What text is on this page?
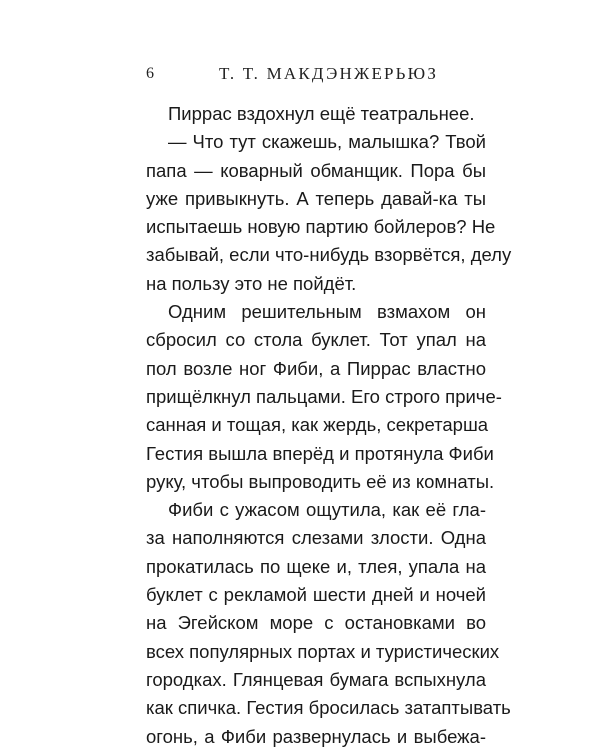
6	Т. Т. МАКДЭНЖЕРЬЮЗ
Пиррас вздохнул ещё театральнее.
— Что тут скажешь, малышка? Твой
папа — коварный обманщик. Пора бы
уже привыкнуть. А теперь давай-ка ты
испытаешь новую партию бойлеров? Не
забывай, если что-нибудь взорвётся, делу
на пользу это не пойдёт.
Одним решительным взмахом он
сбросил со стола буклет. Тот упал на
пол возле ног Фиби, а Пиррас властно
прищёлкнул пальцами. Его строго приче-
санная и тощая, как жердь, секретарша
Гестия вышла вперёд и протянула Фиби
руку, чтобы выпроводить её из комнаты.
Фиби с ужасом ощутила, как её гла-
за наполняются слезами злости. Одна
прокатилась по щеке и, тлея, упала на
буклет с рекламой шести дней и ночей
на Эгейском море с остановками во
всех популярных портах и туристических
городках. Глянцевая бумага вспыхнула
как спичка. Гестия бросилась затаптывать
огонь, а Фиби развернулась и выбежа-
